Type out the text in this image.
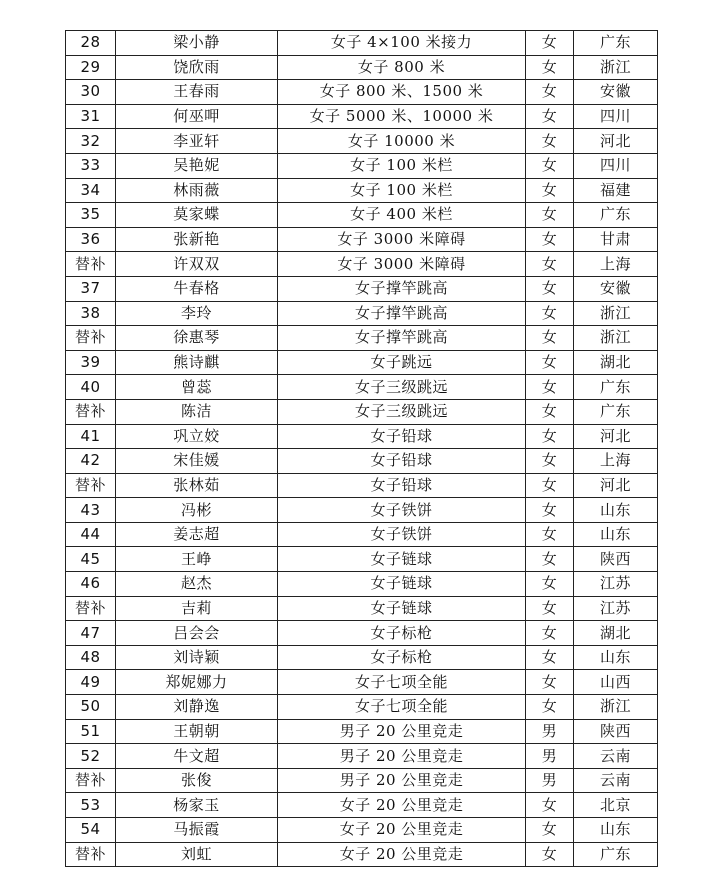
28	梁小静	女子 4×100 米接力	女	广东
29	饶欣雨	女子 800 米	女	浙江
30	王春雨	女子 800 米、1500 米	女	安徽
31	何巫呷	女子 5000 米、10000 米	女	四川
32	李亚轩	女子 10000 米	女	河北
33	吴艳妮	女子 100 米栏	女	四川
34	林雨薇	女子 100 米栏	女	福建
35	莫家蝶	女子 400 米栏	女	广东
36	张新艳	女子 3000 米障碍	女	甘肃
替补	许双双	女子 3000 米障碍	女	上海
37	牛春格	女子撑竿跳高	女	安徽
38	李玲	女子撑竿跳高	女	浙江
替补	徐惠琴	女子撑竿跳高	女	浙江
39	熊诗麒	女子跳远	女	湖北
40	曾蕊	女子三级跳远	女	广东
替补	陈洁	女子三级跳远	女	广东
41	巩立姣	女子铅球	女	河北
42	宋佳媛	女子铅球	女	上海
替补	张林茹	女子铅球	女	河北
43	冯彬	女子铁饼	女	山东
44	姜志超	女子铁饼	女	山东
45	王峥	女子链球	女	陕西
46	赵杰	女子链球	女	江苏
替补	吉莉	女子链球	女	江苏
47	吕会会	女子标枪	女	湖北
48	刘诗颖	女子标枪	女	山东
49	郑妮娜力	女子七项全能	女	山西
50	刘静逸	女子七项全能	女	浙江
51	王朝朝	男子 20 公里竞走	男	陕西
52	牛文超	男子 20 公里竞走	男	云南
替补	张俊	男子 20 公里竞走	男	云南
53	杨家玉	女子 20 公里竞走	女	北京
54	马振霞	女子 20 公里竞走	女	山东
替补	刘虹	女子 20 公里竞走	女	广东
